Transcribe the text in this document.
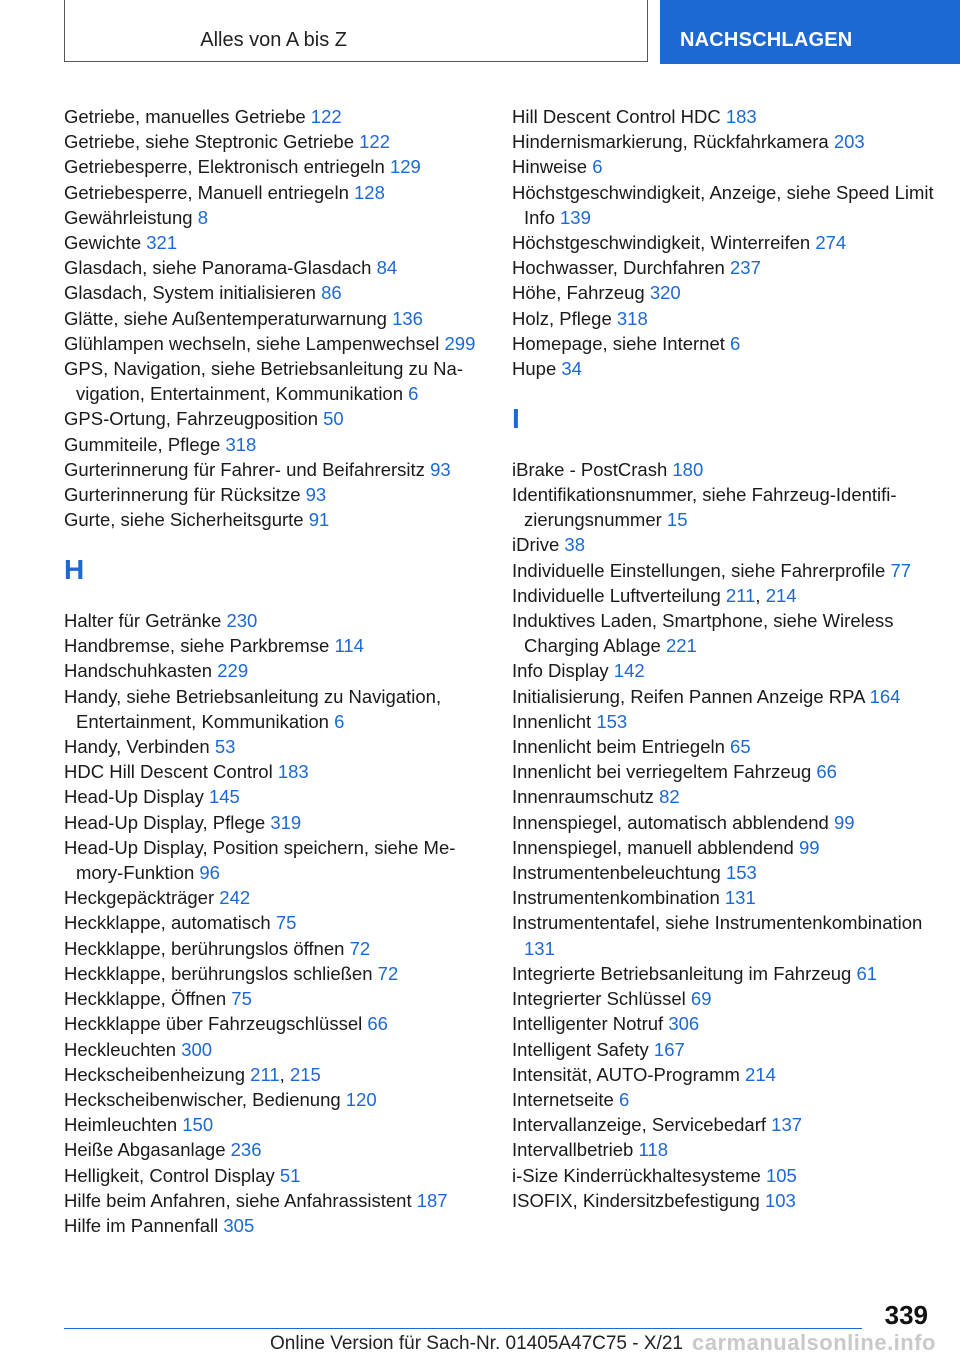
Alles von A bis Z	NACHSCHLAGEN
Getriebe, manuelles Getriebe 122
Getriebe, siehe Steptronic Getriebe 122
Getriebesperre, Elektronisch entriegeln 129
Getriebesperre, Manuell entriegeln 128
Gewährleistung 8
Gewichte 321
Glasdach, siehe Panorama-Glasdach 84
Glasdach, System initialisieren 86
Glätte, siehe Außentemperaturwarnung 136
Glühlampen wechseln, siehe Lampenwechsel 299
GPS, Navigation, siehe Betriebsanleitung zu Navigation, Entertainment, Kommunikation 6
GPS-Ortung, Fahrzeugposition 50
Gummiteile, Pflege 318
Gurterinnerung für Fahrer- und Beifahrersitz 93
Gurterinnerung für Rücksitze 93
Gurte, siehe Sicherheitsgurte 91
H
Halter für Getränke 230
Handbremse, siehe Parkbremse 114
Handschuhkasten 229
Handy, siehe Betriebsanleitung zu Navigation, Entertainment, Kommunikation 6
Handy, Verbinden 53
HDC Hill Descent Control 183
Head-Up Display 145
Head-Up Display, Pflege 319
Head-Up Display, Position speichern, siehe Memory-Funktion 96
Heckgepäckträger 242
Heckklappe, automatisch 75
Heckklappe, berührungslos öffnen 72
Heckklappe, berührungslos schließen 72
Heckklappe, Öffnen 75
Heckklappe über Fahrzeugschlüssel 66
Heckleuchten 300
Heckscheibenheizung 211, 215
Heckscheibenwischer, Bedienung 120
Heimleuchten 150
Heiße Abgasanlage 236
Helligkeit, Control Display 51
Hilfe beim Anfahren, siehe Anfahrassistent 187
Hilfe im Pannenfall 305
Hill Descent Control HDC 183
Hindernismarkierung, Rückfahrkamera 203
Hinweise 6
Höchstgeschwindigkeit, Anzeige, siehe Speed Limit Info 139
Höchstgeschwindigkeit, Winterreifen 274
Hochwasser, Durchfahren 237
Höhe, Fahrzeug 320
Holz, Pflege 318
Homepage, siehe Internet 6
Hupe 34
I
iBrake - PostCrash 180
Identifikationsnummer, siehe Fahrzeug-Identifizierungsnummer 15
iDrive 38
Individuelle Einstellungen, siehe Fahrerprofile 77
Individuelle Luftverteilung 211, 214
Induktives Laden, Smartphone, siehe Wireless Charging Ablage 221
Info Display 142
Initialisierung, Reifen Pannen Anzeige RPA 164
Innenlicht 153
Innenlicht beim Entriegeln 65
Innenlicht bei verriegeltem Fahrzeug 66
Innenraumschutz 82
Innenspiegel, automatisch abblendend 99
Innenspiegel, manuell abblendend 99
Instrumentenbeleuchtung 153
Instrumentenkombination 131
Instrumententafel, siehe Instrumentenkombination 131
Integrierte Betriebsanleitung im Fahrzeug 61
Integrierter Schlüssel 69
Intelligenter Notruf 306
Intelligent Safety 167
Intensität, AUTO-Programm 214
Internetseite 6
Intervallanzeige, Servicebedarf 137
Intervallbetrieb 118
i-Size Kinderrückhaltesysteme 105
ISOFIX, Kindersitzbefestigung 103
339
Online Version für Sach-Nr. 01405A47C75 - X/21 carmanualsonline.info
